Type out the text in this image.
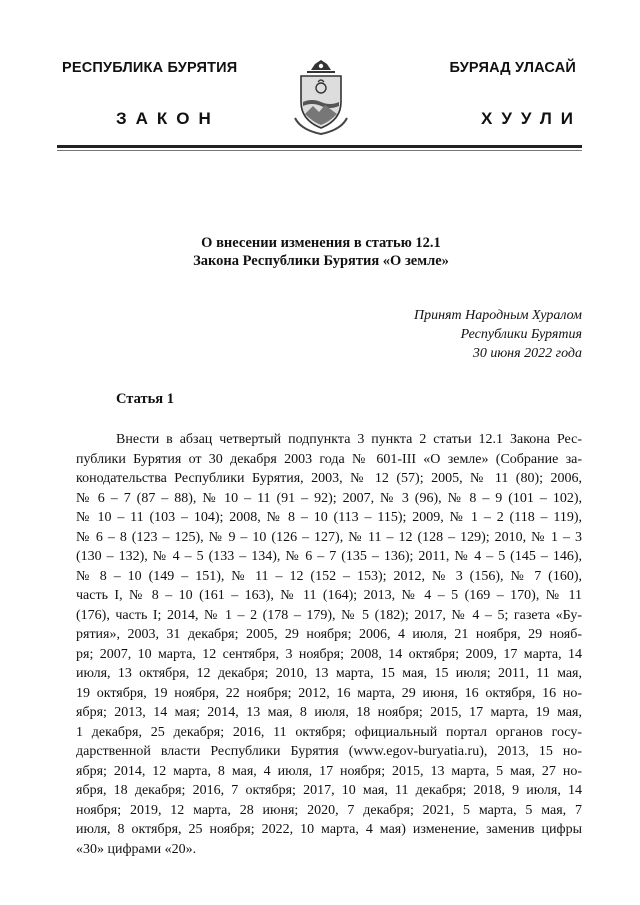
РЕСПУБЛИКА БУРЯТИЯ	БУРЯАД УЛАСАЙ
ЗАКОН	ХУУЛИ
О внесении изменения в статью 12.1
Закона Республики Бурятия «О земле»
Принят Народным Хуралом
Республики Бурятия
30 июня 2022 года
Статья 1
Внести в абзац четвертый подпункта 3 пункта 2 статьи 12.1 Закона Рес-
публики Бурятия от 30 декабря 2003 года № 601-III «О земле» (Собрание за-
конодательства Республики Бурятия, 2003, № 12 (57); 2005, № 11 (80); 2006,
№ 6 – 7 (87 – 88), № 10 – 11 (91 – 92); 2007, № 3 (96), № 8 – 9 (101 – 102),
№ 10 – 11 (103 – 104); 2008, № 8 – 10 (113 – 115); 2009, № 1 – 2 (118 – 119),
№ 6 – 8 (123 – 125), № 9 – 10 (126 – 127), № 11 – 12 (128 – 129); 2010, № 1 – 3
(130 – 132), № 4 – 5 (133 – 134), № 6 – 7 (135 – 136); 2011, № 4 – 5 (145 – 146),
№ 8 – 10 (149 – 151), № 11 – 12 (152 – 153); 2012, № 3 (156), № 7 (160),
часть I, № 8 – 10 (161 – 163), № 11 (164); 2013, № 4 – 5 (169 – 170), № 11
(176), часть I; 2014, № 1 – 2 (178 – 179), № 5 (182); 2017, № 4 – 5; газета «Бу-
рятия», 2003, 31 декабря; 2005, 29 ноября; 2006, 4 июля, 21 ноября, 29 нояб-
ря; 2007, 10 марта, 12 сентября, 3 ноября; 2008, 14 октября; 2009, 17 марта, 14
июля, 13 октября, 12 декабря; 2010, 13 марта, 15 мая, 15 июля; 2011, 11 мая,
19 октября, 19 ноября, 22 ноября; 2012, 16 марта, 29 июня, 16 октября, 16 но-
ября; 2013, 14 мая; 2014, 13 мая, 8 июля, 18 ноября; 2015, 17 марта, 19 мая,
1 декабря, 25 декабря; 2016, 11 октября; официальный портал органов госу-
дарственной власти Республики Бурятия (www.egov-buryatia.ru), 2013, 15 но-
ября; 2014, 12 марта, 8 мая, 4 июля, 17 ноября; 2015, 13 марта, 5 мая, 27 но-
ября, 18 декабря; 2016, 7 октября; 2017, 10 мая, 11 декабря; 2018, 9 июля, 14
ноября; 2019, 12 марта, 28 июня; 2020, 7 декабря; 2021, 5 марта, 5 мая, 7
июля, 8 октября, 25 ноября; 2022, 10 марта, 4 мая) изменение, заменив цифры
«30» цифрами «20».
